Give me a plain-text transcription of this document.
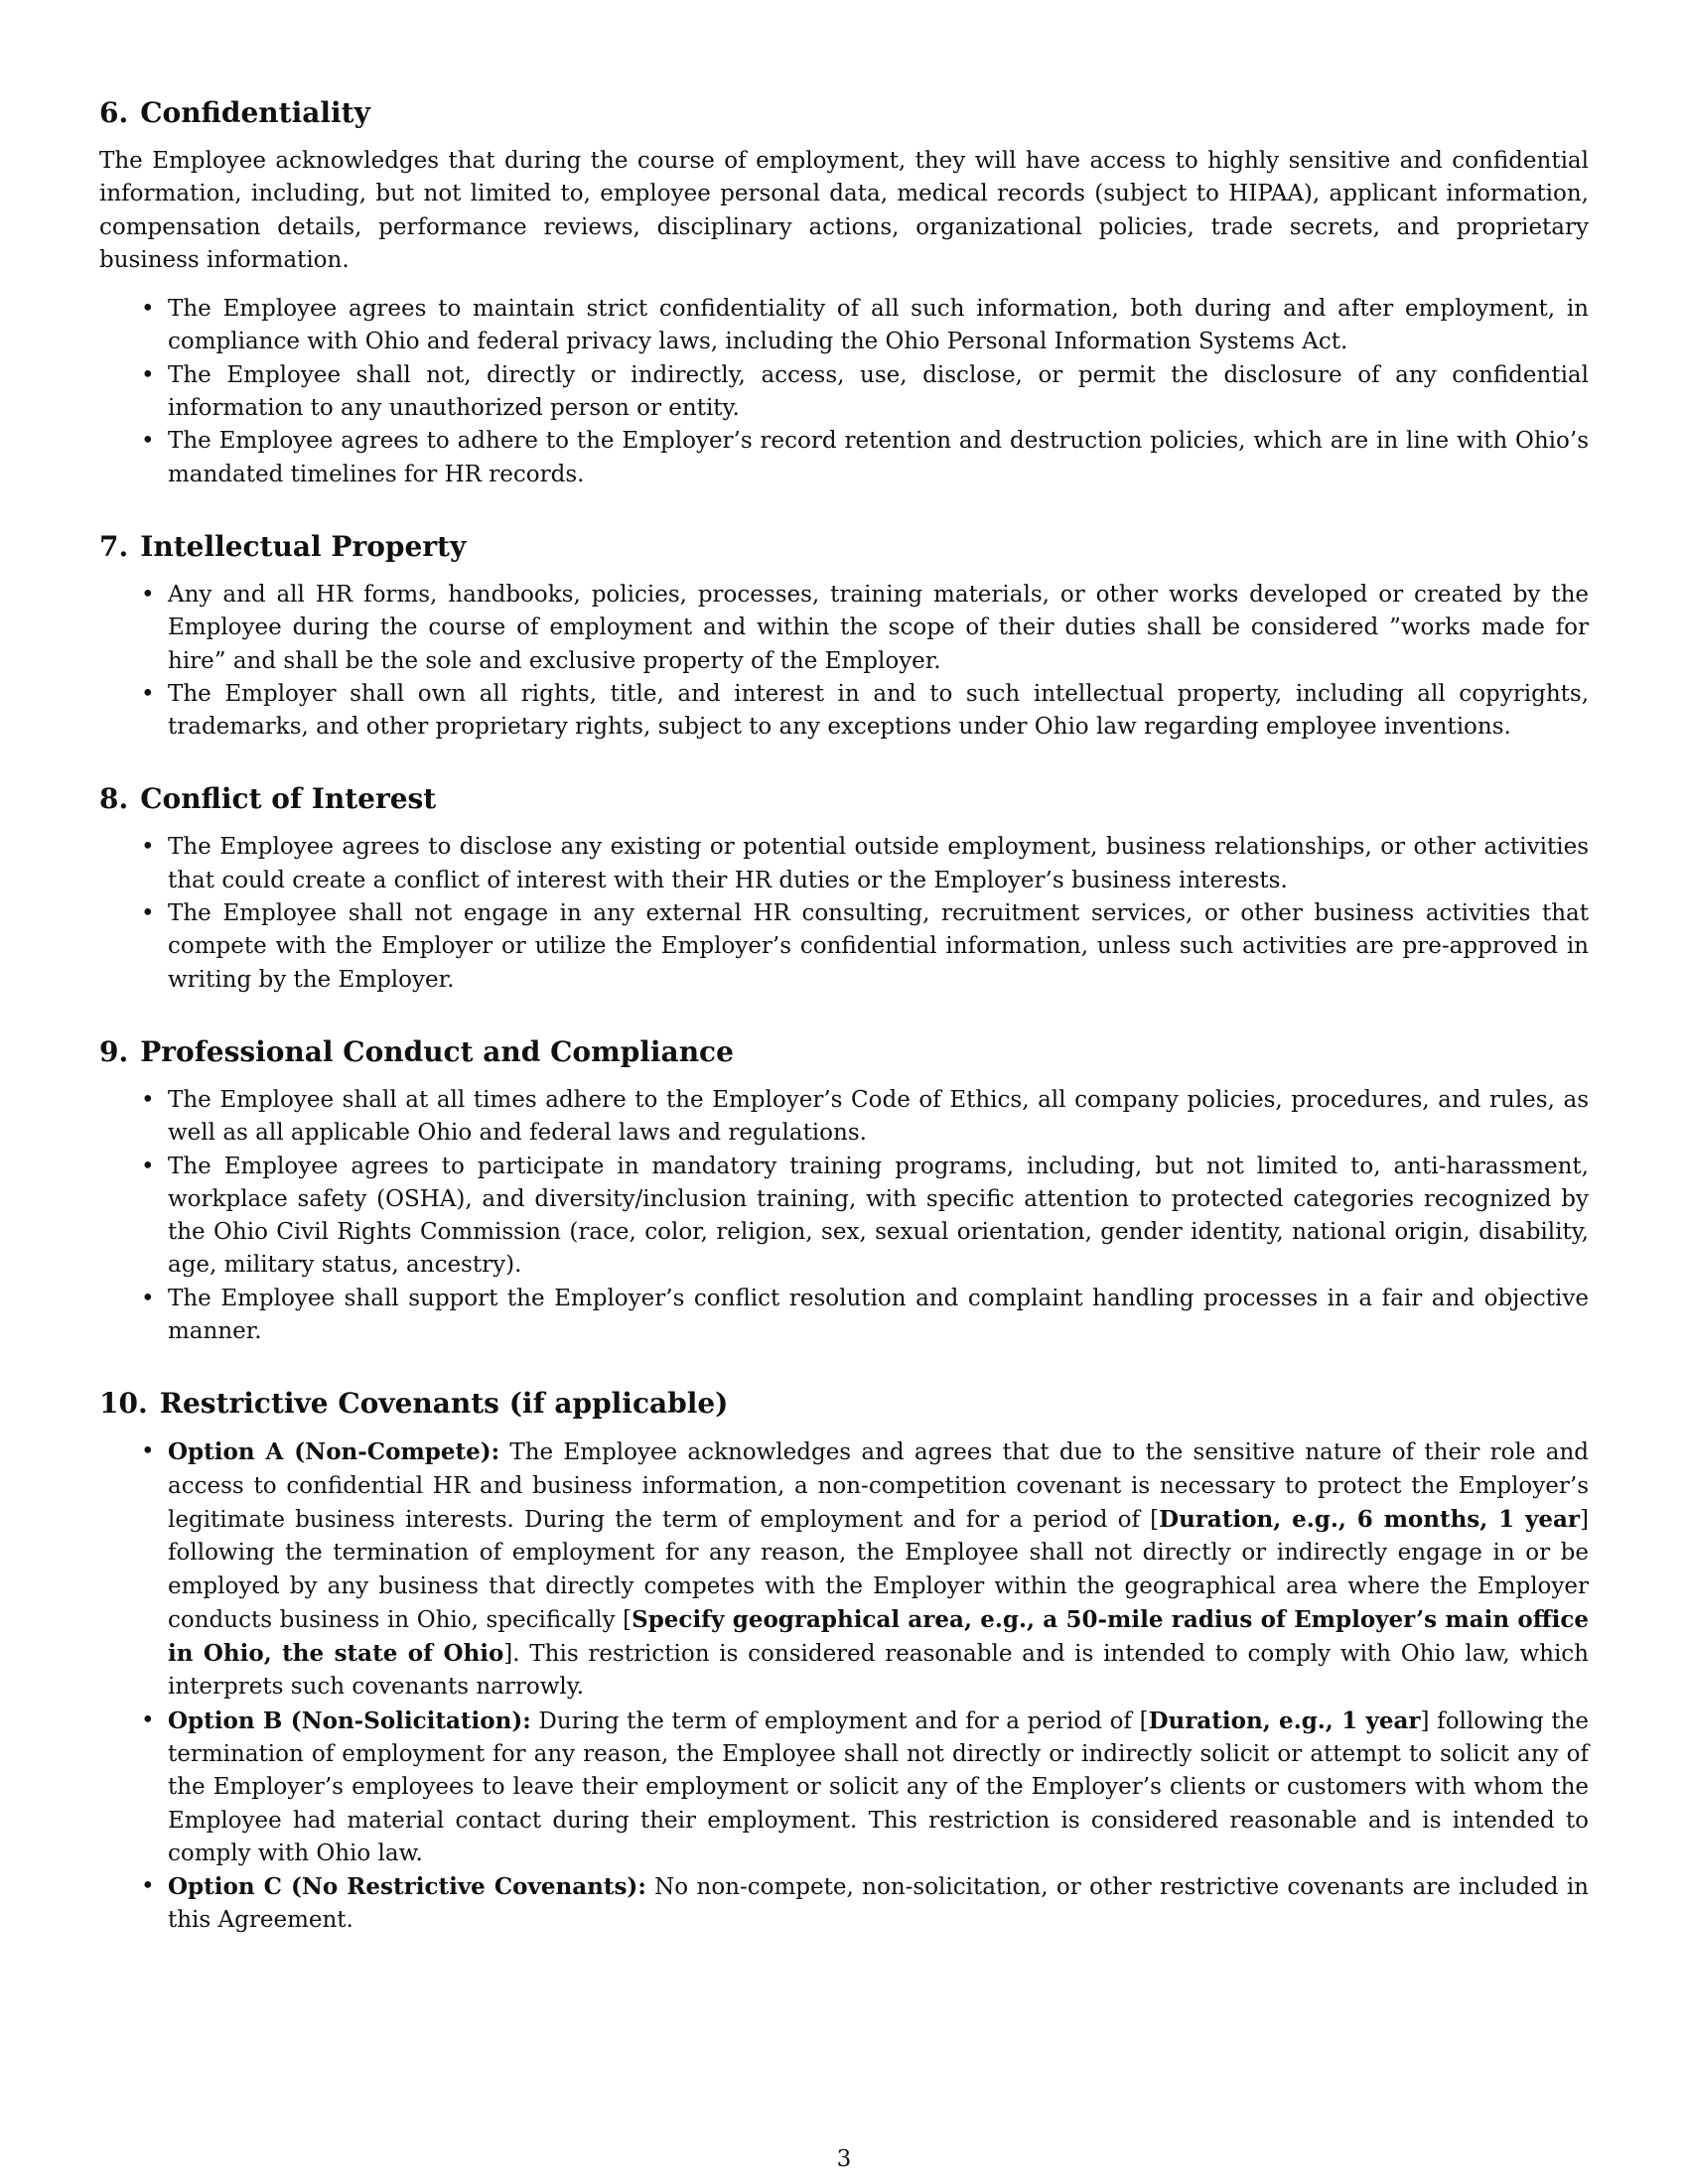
6. Confidentiality

The Employee acknowledges that during the course of employment, they will have access to highly sensitive and confidential information, including, but not limited to, employee personal data, medical records (subject to HIPAA), applicant information, compensation details, performance reviews, disciplinary actions, organizational policies, trade secrets, and proprietary business information.

• The Employee agrees to maintain strict confidentiality of all such information, both during and after employment, in compliance with Ohio and federal privacy laws, including the Ohio Personal Information Systems Act.
• The Employee shall not, directly or indirectly, access, use, disclose, or permit the disclosure of any confidential information to any unauthorized person or entity.
• The Employee agrees to adhere to the Employer’s record retention and destruction policies, which are in line with Ohio’s mandated timelines for HR records.
7. Intellectual Property
• Any and all HR forms, handbooks, policies, processes, training materials, or other works developed or created by the Employee during the course of employment and within the scope of their duties shall be considered ”works made for hire” and shall be the sole and exclusive property of the Employer.
• The Employer shall own all rights, title, and interest in and to such intellectual property, including all copyrights, trademarks, and other proprietary rights, subject to any exceptions under Ohio law regarding employee inventions.
8. Conflict of Interest
• The Employee agrees to disclose any existing or potential outside employment, business relationships, or other activities that could create a conflict of interest with their HR duties or the Employer’s business interests.
• The Employee shall not engage in any external HR consulting, recruitment services, or other business activities that compete with the Employer or utilize the Employer’s confidential information, unless such activities are pre-approved in writing by the Employer.
9. Professional Conduct and Compliance
• The Employee shall at all times adhere to the Employer’s Code of Ethics, all company policies, procedures, and rules, as well as all applicable Ohio and federal laws and regulations.
• The Employee agrees to participate in mandatory training programs, including, but not limited to, anti-harassment, workplace safety (OSHA), and diversity/inclusion training, with specific attention to protected categories recognized by the Ohio Civil Rights Commission (race, color, religion, sex, sexual orientation, gender identity, national origin, disability, age, military status, ancestry).
• The Employee shall support the Employer’s conflict resolution and complaint handling processes in a fair and objective manner.
10. Restrictive Covenants (if applicable)
• Option A (Non-Compete): The Employee acknowledges and agrees that due to the sensitive nature of their role and access to confidential HR and business information, a non-competition covenant is necessary to protect the Employer’s legitimate business interests. During the term of employment and for a period of [Duration, e.g., 6 months, 1 year] following the termination of employment for any reason, the Employee shall not directly or indirectly engage in or be employed by any business that directly competes with the Employer within the geographical area where the Employer conducts business in Ohio, specifically [Specify geographical area, e.g., a 50-mile radius of Employer’s main office in Ohio, the state of Ohio]. This restriction is considered reasonable and is intended to comply with Ohio law, which interprets such covenants narrowly.
• Option B (Non-Solicitation): During the term of employment and for a period of [Duration, e.g., 1 year] following the termination of employment for any reason, the Employee shall not directly or indirectly solicit or attempt to solicit any of the Employer’s employees to leave their employment or solicit any of the Employer’s clients or customers with whom the Employee had material contact during their employment. This restriction is considered reasonable and is intended to comply with Ohio law.
• Option C (No Restrictive Covenants): No non-compete, non-solicitation, or other restrictive covenants are included in this Agreement.
3
